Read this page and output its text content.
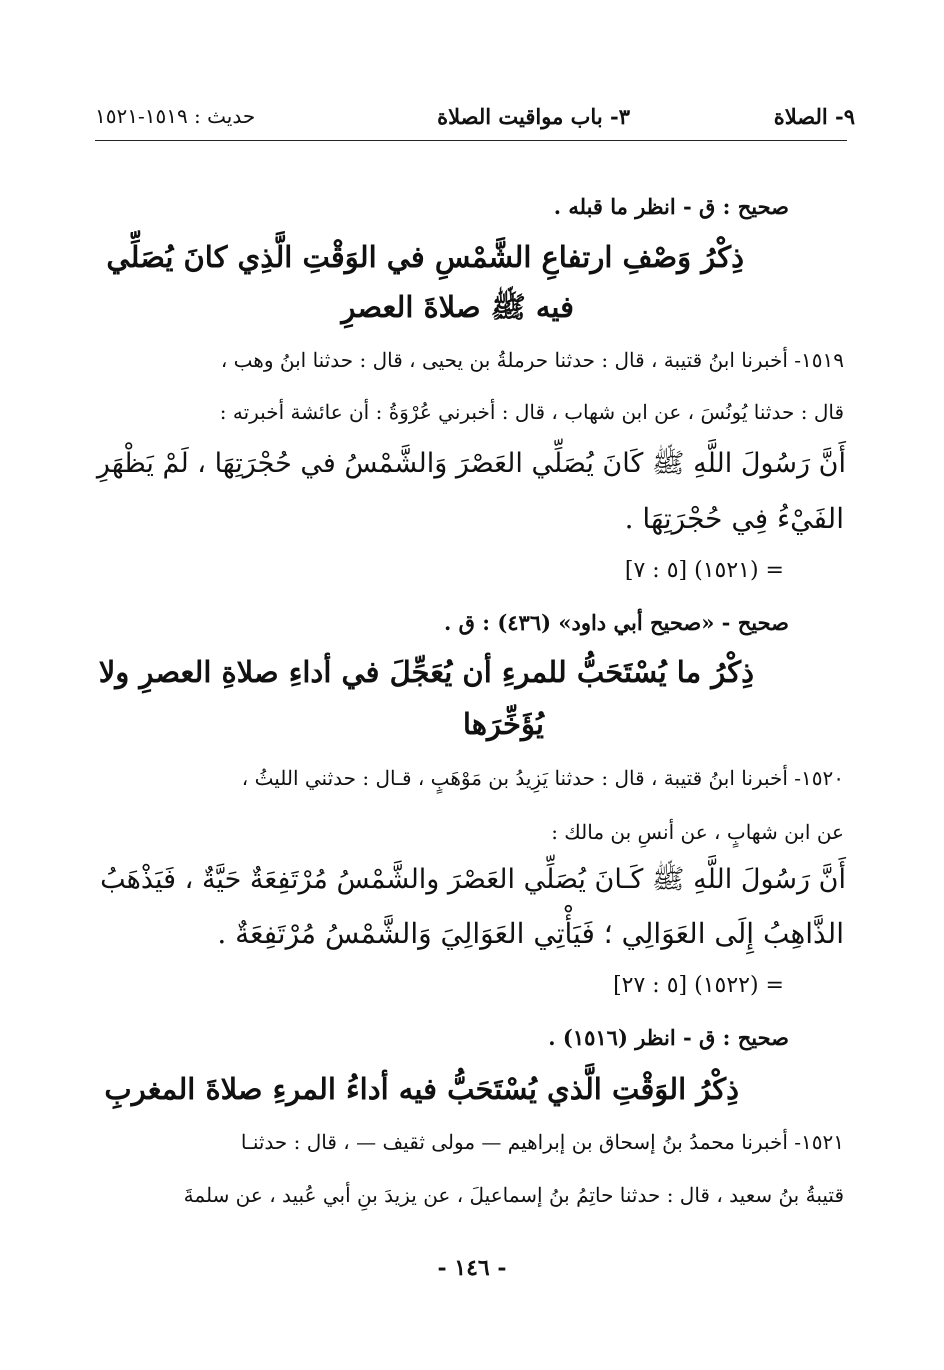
٩- الصلاة
٣- باب مواقيت الصلاة
حديث : ١٥١٩-١٥٢١
صحيح : ق - انظر ما قبله .
ذِكْرُ وَصْفِ ارتفاعِ الشَّمْسِ في الوَقْتِ الَّذِي كانَ يُصَلِّي
فيه ﷺ صلاةَ العصرِ
١٥١٩- أخبرنا ابنُ قتيبة ، قال : حدثنا حرملةُ بن يحيى ، قال : حدثنا ابنُ وهب ،
قال : حدثنا يُونُسَ ، عن ابن شهاب ، قال : أخبرني عُرْوَةُ : أن عائشة أخبرته :
أَنَّ رَسُولَ اللَّهِ ﷺ كَانَ يُصَلِّي العَصْرَ وَالشَّمْسُ في حُجْرَتِهَا ، لَمْ يَظْهَرِ
الفَيْءُ فِي حُجْرَتِهَا .
= (١٥٢١) [٥ : ٧]
صحيح - «صحيح أبي داود» (٤٣٦) : ق .
ذِكْرُ ما يُسْتَحَبُّ للمرءِ أن يُعَجِّلَ في أداءِ صلاةِ العصرِ ولا
يُؤَخِّرَها
١٥٢٠- أخبرنا ابنُ قتيبة ، قال : حدثنا يَزِيدُ بن مَوْهَبٍ ، قـال : حدثني الليثُ ،
عن ابن شهابٍ ، عن أنسِ بن مالك :
أَنَّ رَسُولَ اللَّهِ ﷺ كَـانَ يُصَلِّي العَصْرَ والشَّمْسُ مُرْتَفِعَةٌ حَيَّةٌ ، فَيَذْهَبُ
الذَّاهِبُ إِلَى العَوَالِي ؛ فَيَأْتِي العَوَالِيَ وَالشَّمْسُ مُرْتَفِعَةٌ .
= (١٥٢٢) [٥ : ٢٧]
صحيح : ق - انظر (١٥١٦) .
ذِكْرُ الوَقْتِ الَّذي يُسْتَحَبُّ فيه أداءُ المرءِ صلاةَ المغربِ
١٥٢١- أخبرنا محمدُ بنُ إسحاق بن إبراهيم — مولى ثقيف — ، قال : حدثنـا
قتيبةُ بنُ سعيد ، قال : حدثنا حاتِمُ بنُ إسماعيلَ ، عن يزيدَ بنِ أبي عُبيد ، عن سلمةَ
- ١٤٦ -
